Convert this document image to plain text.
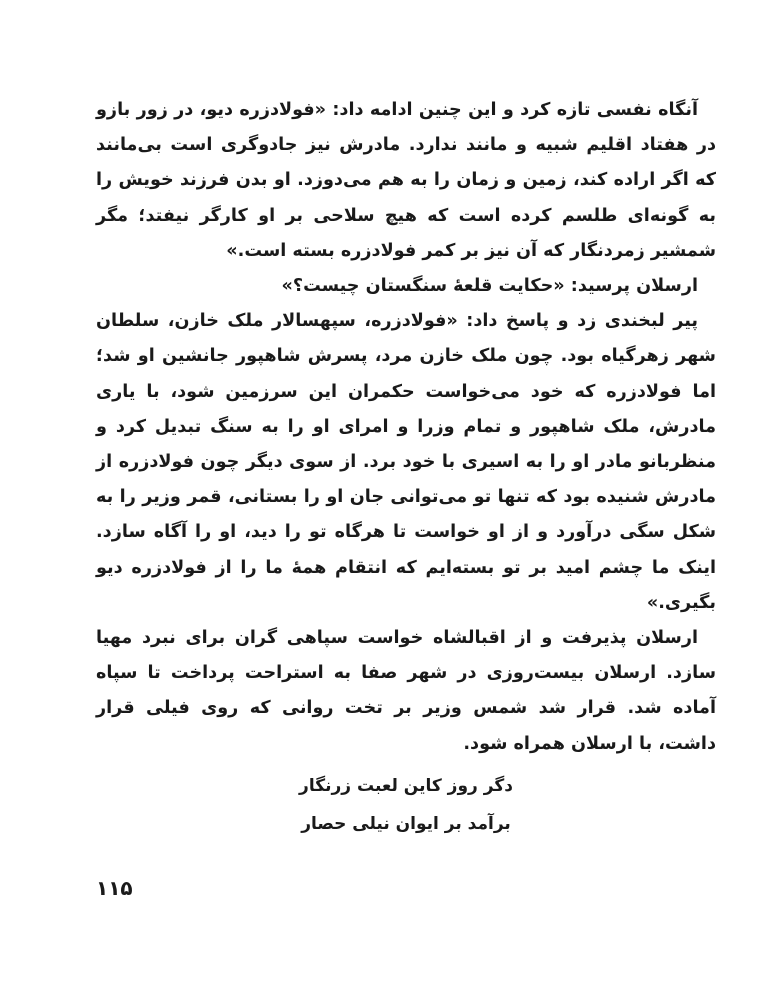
آنگاه نفسی تازه کرد و این چنین ادامه داد: «فولادزره دیو، در زور بازو در هفتاد اقلیم شبیه و مانند ندارد. مادرش نیز جادوگری است بی‌مانند که اگر اراده کند، زمین و زمان را به هم می‌دوزد. او بدن فرزند خویش را به گونه‌ای طلسم کرده است که هیچ سلاحی بر او کارگر نیفتد؛ مگر شمشیر زمردنگار که آن نیز بر کمر فولادزره بسته است.»

ارسلان پرسید: «حکایت قلعهٔ سنگستان چیست؟»

پیر لبخندی زد و پاسخ داد: «فولادزره، سپهسالار ملک خازن، سلطان شهر زهرگیاه بود. چون ملک خازن مرد، پسرش شاهپور جانشین او شد؛ اما فولادزره که خود می‌خواست حکمران این سرزمین شود، با یاری مادرش، ملک شاهپور و تمام وزرا و امرای او را به سنگ تبدیل کرد و منظربانو مادر او را به اسیری با خود برد. از سوی دیگر چون فولادزره از مادرش شنیده بود که تنها تو می‌توانی جان او را بستانی، قمر وزیر را به شکل سگی درآورد و از او خواست تا هرگاه تو را دید، او را آگاه سازد. اینک ما چشم امید بر تو بسته‌ایم که انتقام همهٔ ما را از فولادزره دیو بگیری.»

ارسلان پذیرفت و از اقبالشاه خواست سپاهی گران برای نبرد مهیا سازد. ارسلان بیست‌روزی در شهر صفا به استراحت پرداخت تا سپاه آماده شد. قرار شد شمس وزیر بر تخت روانی که روی فیلی قرار داشت، با ارسلان همراه شود.

دگر روز کاین لعبت زرنگار
برآمد بر ایوان نیلی حصار
۱۱۵
